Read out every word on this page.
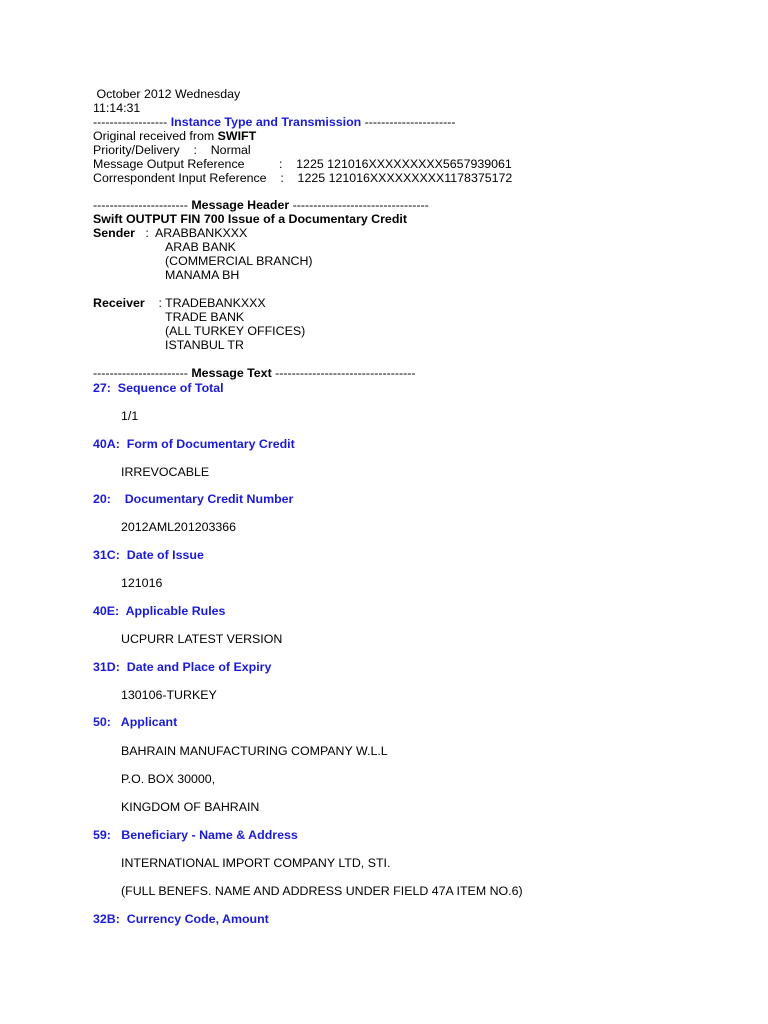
October 2012 Wednesday
11:14:31
------------------ Instance Type and Transmission ----------------------
Original received from SWIFT
Priority/Delivery    :    Normal
Message Output Reference          :    1225 121016XXXXXXXXX5657939061
Correspondent Input Reference    :    1225 121016XXXXXXXXX1178375172
----------------------- Message Header ---------------------------------
Swift OUTPUT FIN 700 Issue of a Documentary Credit
Sender   :  ARABBANKXXX
ARAB BANK
(COMMERCIAL BRANCH)
MANAMA BH
Receiver    : TRADEBANKXXX
TRADE BANK
(ALL TURKEY OFFICES)
ISTANBUL TR
----------------------- Message Text ----------------------------------
27:  Sequence of Total
1/1
40A:  Form of Documentary Credit
IRREVOCABLE
20:    Documentary Credit Number
2012AML201203366
31C:  Date of Issue
121016
40E:  Applicable Rules
UCPURR LATEST VERSION
31D:  Date and Place of Expiry
130106-TURKEY
50:   Applicant
BAHRAIN MANUFACTURING COMPANY W.L.L
P.O. BOX 30000,
KINGDOM OF BAHRAIN
59:   Beneficiary - Name & Address
INTERNATIONAL IMPORT COMPANY LTD, STI.
(FULL BENEFS. NAME AND ADDRESS UNDER FIELD 47A ITEM NO.6)
32B:  Currency Code, Amount
